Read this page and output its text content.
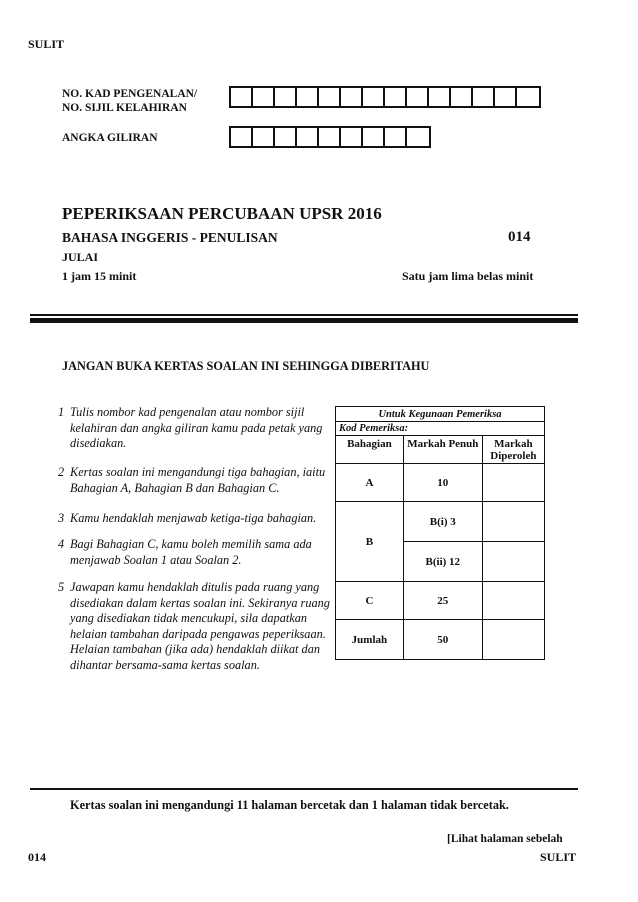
SULIT
NO. KAD PENGENALAN/
NO. SIJIL KELAHIRAN
ANGKA GILIRAN
PEPERIKSAAN PERCUBAAN UPSR 2016
BAHASA INGGERIS - PENULISAN	014
JULAI
1 jam 15 minit	Satu jam lima belas minit
JANGAN BUKA KERTAS SOALAN INI SEHINGGA DIBERITAHU
1 Tulis nombor kad pengenalan atau nombor sijil kelahiran dan angka giliran kamu pada petak yang disediakan.
2 Kertas soalan ini mengandungi tiga bahagian, iaitu Bahagian A, Bahagian B dan Bahagian C.
3 Kamu hendaklah menjawab ketiga-tiga bahagian.
4 Bagi Bahagian C, kamu boleh memilih sama ada menjawab Soalan 1 atau Soalan 2.
5 Jawapan kamu hendaklah ditulis pada ruang yang disediakan dalam kertas soalan ini. Sekiranya ruang yang disediakan tidak mencukupi, sila dapatkan helaian tambahan daripada pengawas peperiksaan. Helaian tambahan (jika ada) hendaklah diikat dan dihantar bersama-sama kertas soalan.
Untuk Kegunaan Pemeriksa		
Kod Pemeriksa:		
Bahagian	Markah Penuh	Markah Diperoleh
A	10	
B	B(i) 3	
	B(ii) 12	
C	25	
Jumlah	50	
Kertas soalan ini mengandungi 11 halaman bercetak dan 1 halaman tidak bercetak.
[Lihat halaman sebelah
014	SULIT
